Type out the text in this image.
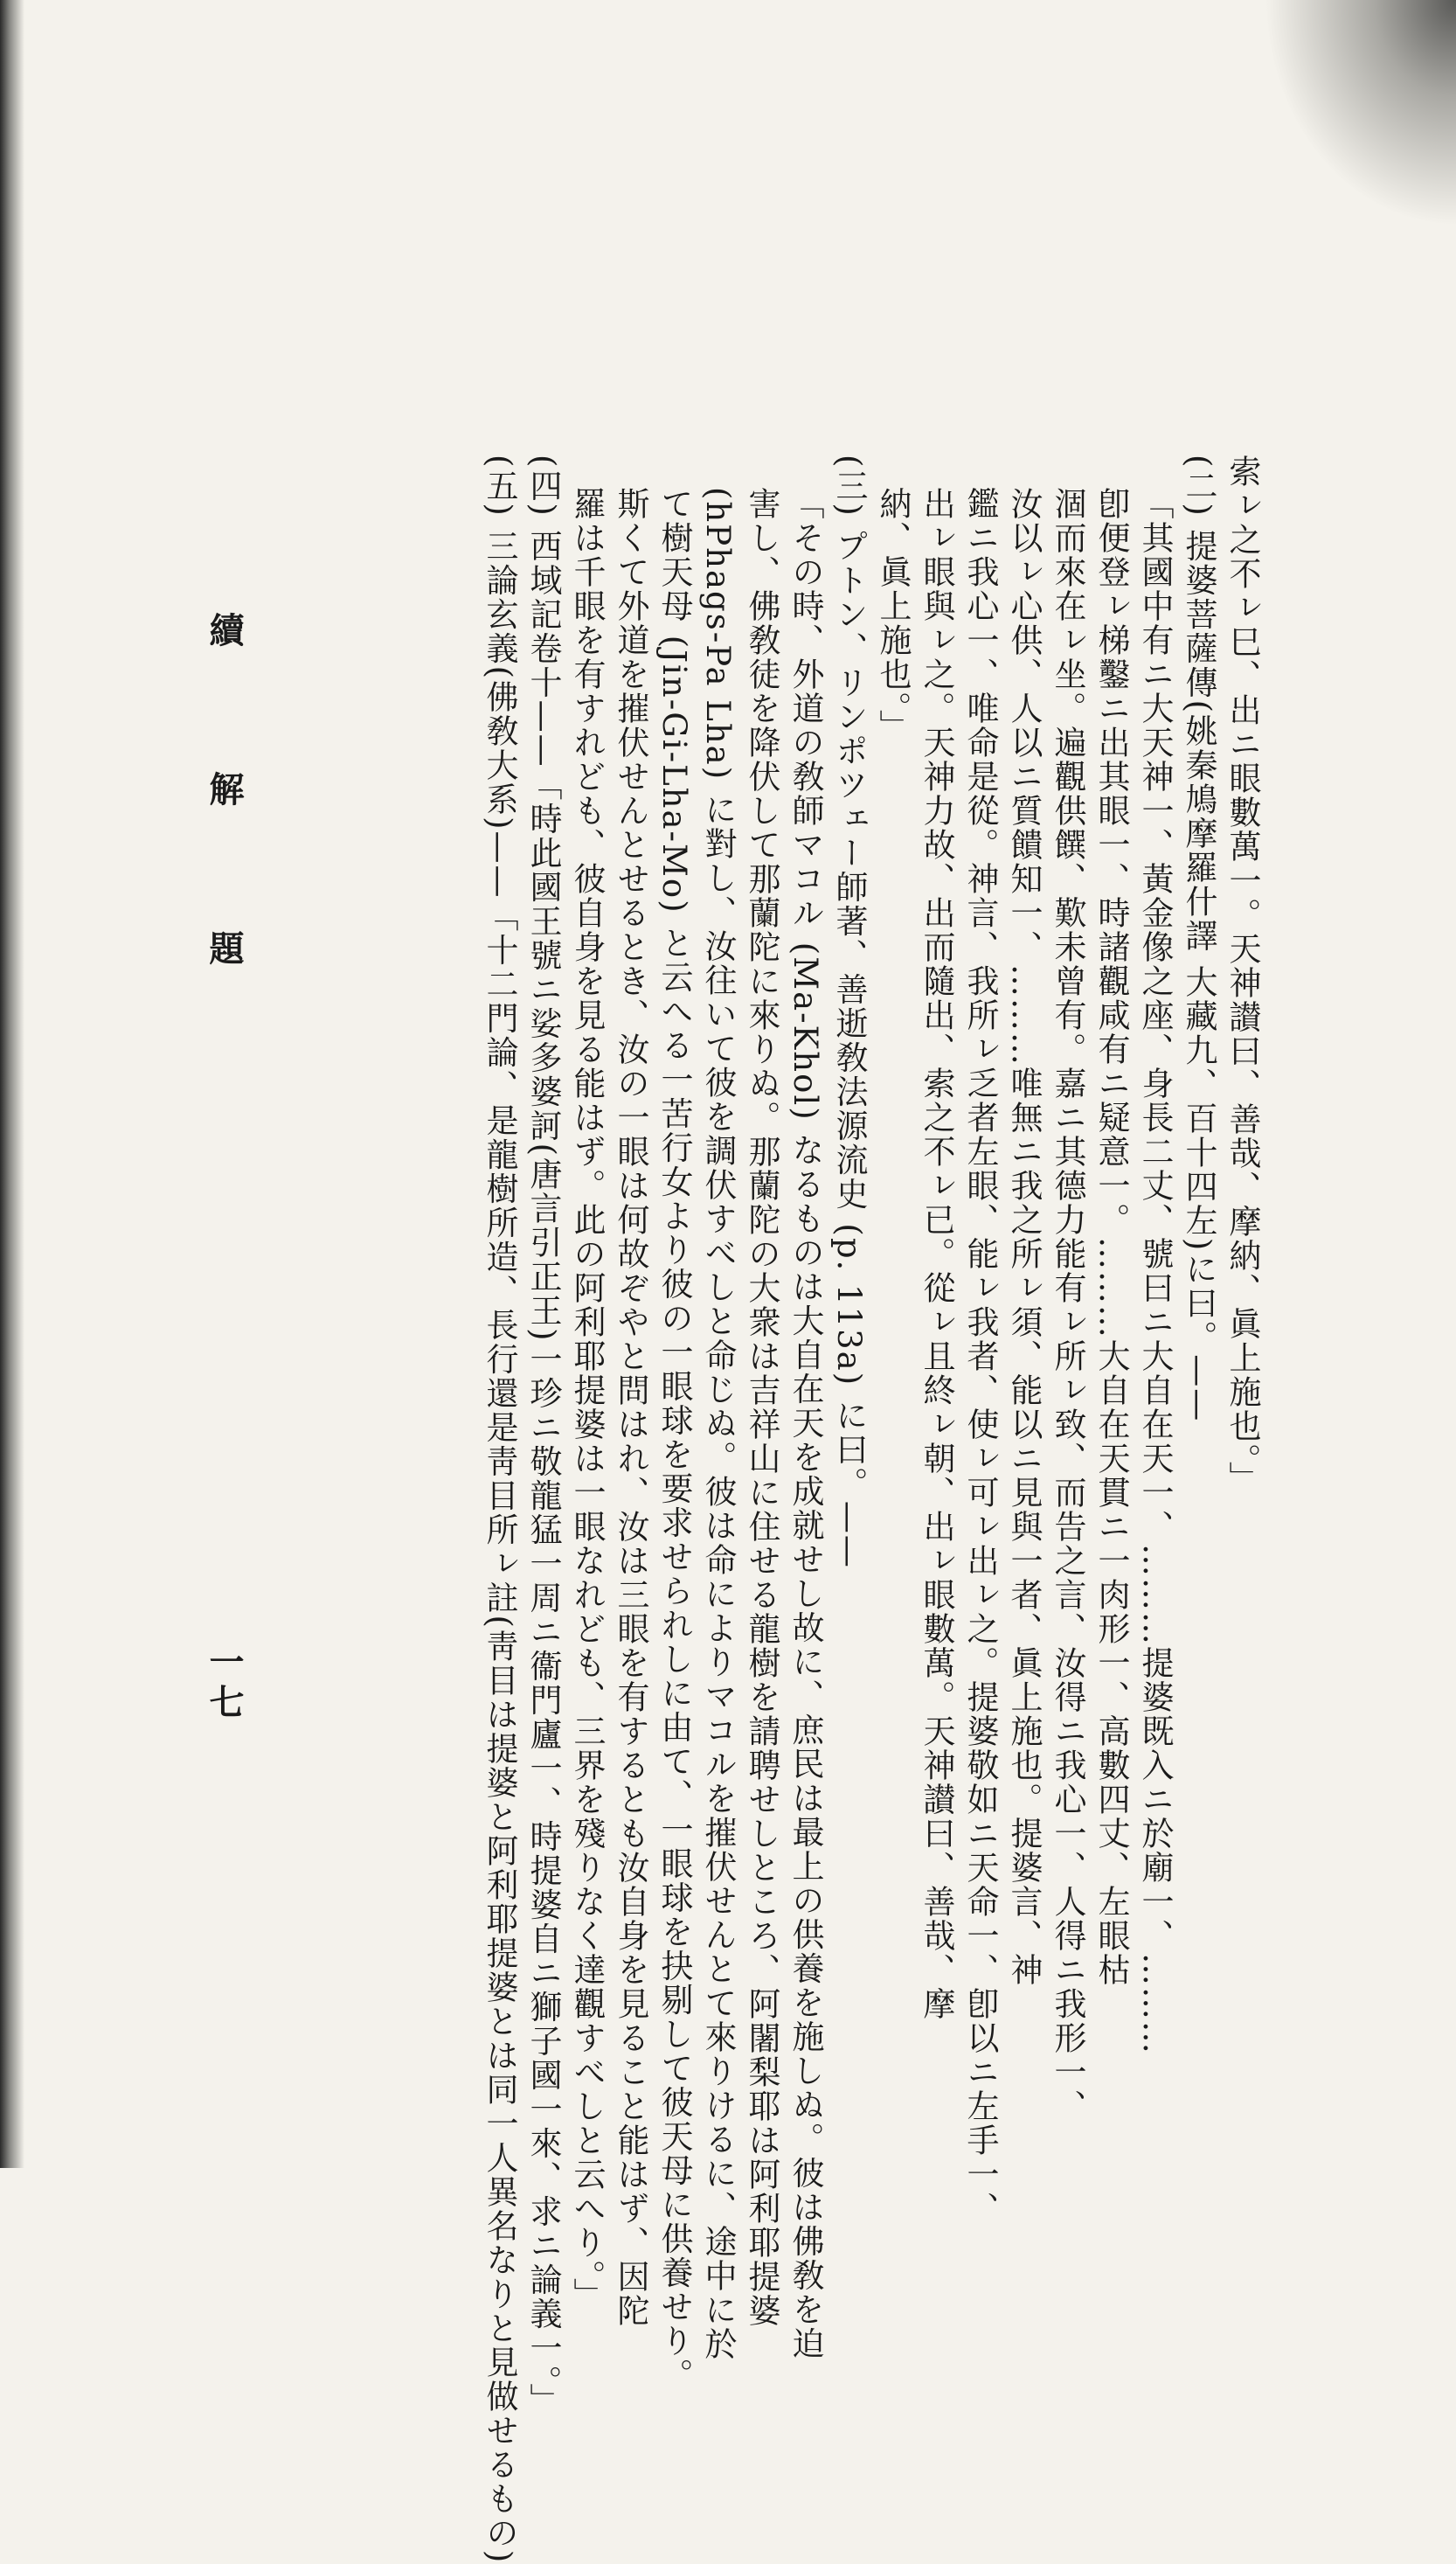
索ㇾ之不ㇾ巳、出ニ眼數萬一。天神讃曰、善哉、摩納、眞上施也。」
(二) 提婆菩薩傳(姚秦鳩摩羅什譯 大藏九、百十四左)に曰。——
「其國中有ニ大天神一、黃金像之座、身長二丈、號曰ニ大自在天一、………提婆既入ニ於廟一、………
卽便登ㇾ梯鑿ニ出其眼一、時諸觀咸有ニ疑意一。………大自在天貫ニ一肉形一、高數四丈、左眼枯
涸而來在ㇾ坐。遍觀供饌、歎未曾有。嘉ニ其德力能有ㇾ所ㇾ致、而告之言、汝得ニ我心一、人得ニ我形一、
汝以ㇾ心供、人以ニ質饋知一、………唯無ニ我之所ㇾ須、能以ニ見與一者、眞上施也。提婆言、神
鑑ニ我心一、唯命是從。神言、我所ㇾ乏者左眼、能ㇾ我者、使ㇾ可ㇾ出ㇾ之。提婆敬如ニ天命一、卽以ニ左手一、
出ㇾ眼與ㇾ之。天神力故、出而隨出、索之不ㇾ已。從ㇾ且終ㇾ朝、出ㇾ眼數萬。天神讃曰、善哉、摩
納、眞上施也。」
(三) プトン、リンポツェー師著、善逝敎法源流史 (p. 113a) に曰。——
「その時、外道の敎師マコル (Ma-Khol) なるものは大自在天を成就せし故に、庶民は最上の供養を施しぬ。彼は佛敎を迫
害し、佛敎徒を降伏して那蘭陀に來りぬ。那蘭陀の大衆は吉祥山に住せる龍樹を請聘せしところ、阿闍梨耶は阿利耶提婆
(hPhags-Pa Lha) に對し、汝往いて彼を調伏すべしと命じぬ。彼は命によりマコルを摧伏せんとて來りけるに、途中に於
て樹天母 (Jin-Gi-Lha-Mo) と云へる一苦行女より彼の一眼球を要求せられしに由て、一眼球を抉剔して彼天母に供養せり。
斯くて外道を摧伏せんとせるとき、汝の一眼は何故ぞやと問はれ、汝は三眼を有するとも汝自身を見ること能はず、因陀
羅は千眼を有すれども、彼自身を見る能はず。此の阿利耶提婆は一眼なれども、三界を殘りなく達觀すべしと云へり。」
(四) 西域記卷十——「時此國王號ニ娑多婆訶(唐言引正王)一珍ニ敬龍猛一周ニ衞門廬一、時提婆自ニ獅子國一來、求ニ論義一。」
(五) 三論玄義(佛敎大系)——「十二門論、是龍樹所造、長行還是靑目所ㇾ註(靑目は提婆と阿利耶提婆とは同一人異名なりと見做せるもの)
續 解 題
一七
